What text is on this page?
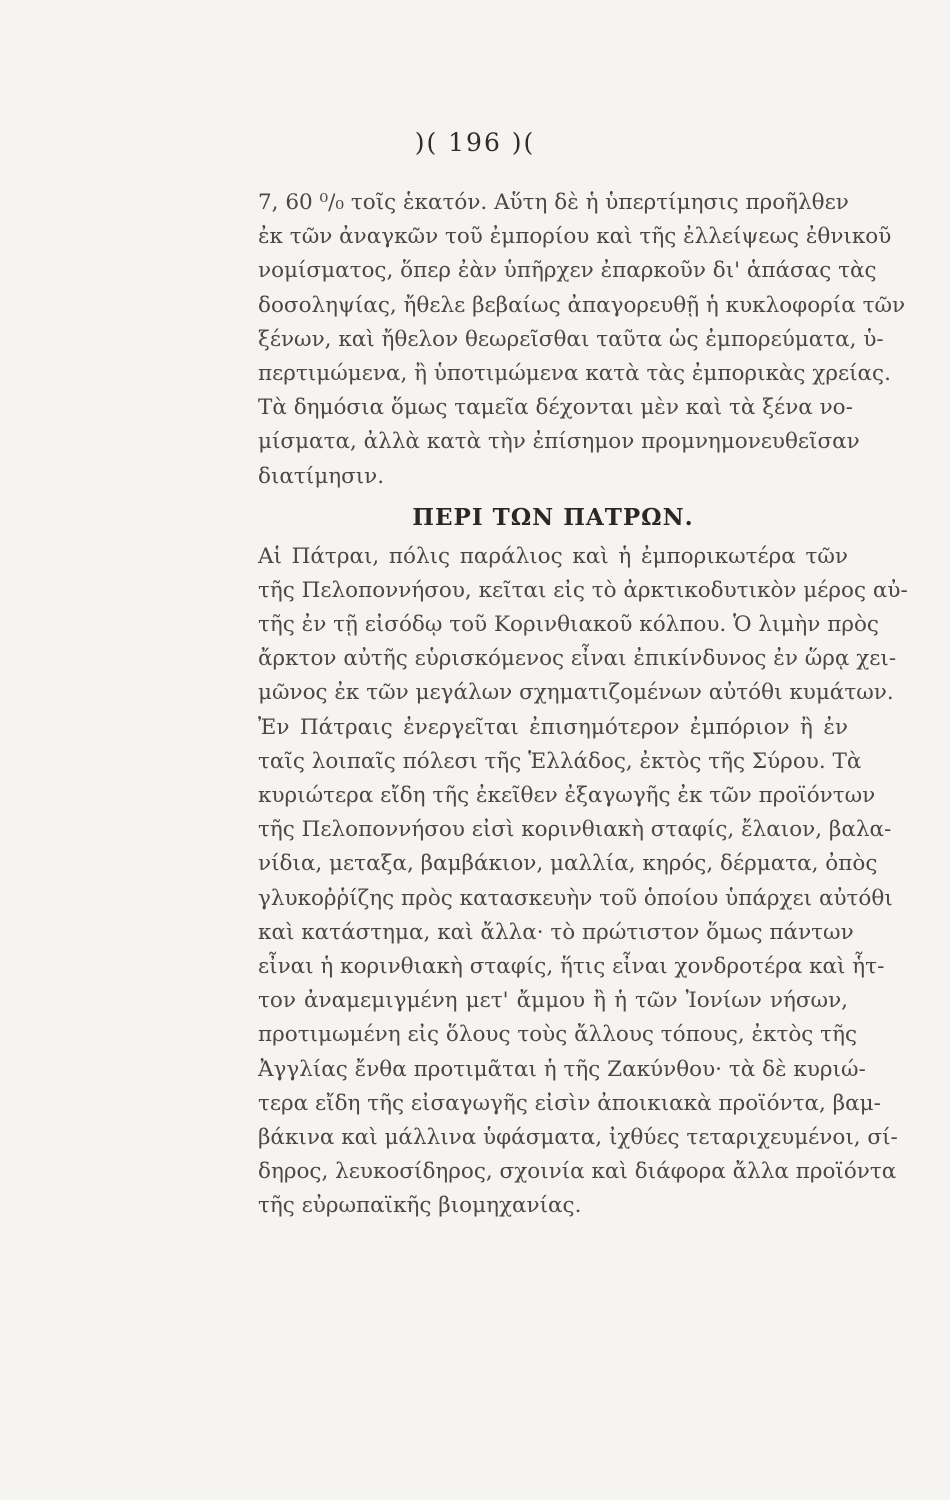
)( 196 )(
7, 60 ⁰/₀ τοῖς ἑκατόν. Αὕτη δὲ ἡ ὑπερτίμησις προῆλθεν
ἐκ τῶν ἀναγκῶν τοῦ ἐμπορίου καὶ τῆς ἐλλείψεως ἐθνικοῦ
νομίσματος, ὅπερ ἐὰν ὑπῆρχεν ἐπαρκοῦν δι' ἁπάσας τὰς
δοσοληψίας, ἤθελε βεβαίως ἀπαγορευθῇ ἡ κυκλοφορία τῶν
ξένων, καὶ ἤθελον θεωρεῖσθαι ταῦτα ὡς ἐμπορεύματα, ὑ-
περτιμώμενα, ἢ ὑποτιμώμενα κατὰ τὰς ἐμπορικὰς χρείας.
Τὰ δημόσια ὅμως ταμεῖα δέχονται μὲν καὶ τὰ ξένα νο-
μίσματα, ἀλλὰ κατὰ τὴν ἐπίσημον προμνημονευθεῖσαν
διατίμησιν.
ΠΕΡΙ ΤΩΝ ΠΑΤΡΩΝ.
Αἱ Πάτραι, πόλις παράλιος καὶ ἡ ἐμπορικωτέρα τῶν
τῆς Πελοποννήσου, κεῖται εἰς τὸ ἀρκτικοδυτικὸν μέρος αὐ-
τῆς ἐν τῇ εἰσόδῳ τοῦ Κορινθιακοῦ κόλπου. Ὁ λιμὴν πρὸς
ἄρκτον αὐτῆς εὑρισκόμενος εἶναι ἐπικίνδυνος ἐν ὥρᾳ χει-
μῶνος ἐκ τῶν μεγάλων σχηματιζομένων αὐτόθι κυμάτων.
Ἐν Πάτραις ἐνεργεῖται ἐπισημότερον ἐμπόριον ἢ ἐν
ταῖς λοιπαῖς πόλεσι τῆς Ἑλλάδος, ἐκτὸς τῆς Σύρου. Τὰ
κυριώτερα εἴδη τῆς ἐκεῖθεν ἐξαγωγῆς ἐκ τῶν προϊόντων
τῆς Πελοποννήσου εἰσὶ κορινθιακὴ σταφίς, ἔλαιον, βαλα-
νίδια, μεταξα, βαμβάκιον, μαλλία, κηρός, δέρματα, ὀπὸς
γλυκοῤῥίζης πρὸς κατασκευὴν τοῦ ὁποίου ὑπάρχει αὐτόθι
καὶ κατάστημα, καὶ ἄλλα· τὸ πρώτιστον ὅμως πάντων
εἶναι ἡ κορινθιακὴ σταφίς, ἥτις εἶναι χονδροτέρα καὶ ἧτ-
τον ἀναμεμιγμένη μετ' ἄμμου ἢ ἡ τῶν Ἰονίων νήσων,
προτιμωμένη εἰς ὅλους τοὺς ἄλλους τόπους, ἐκτὸς τῆς
Ἀγγλίας ἔνθα προτιμᾶται ἡ τῆς Ζακύνθου· τὰ δὲ κυριώ-
τερα εἴδη τῆς εἰσαγωγῆς εἰσὶν ἀποικιακὰ προϊόντα, βαμ-
βάκινα καὶ μάλλινα ὑφάσματα, ἰχθύες τεταριχευμένοι, σί-
δηρος, λευκοσίδηρος, σχοινία καὶ διάφορα ἄλλα προϊόντα
τῆς εὐρωπαϊκῆς βιομηχανίας.
